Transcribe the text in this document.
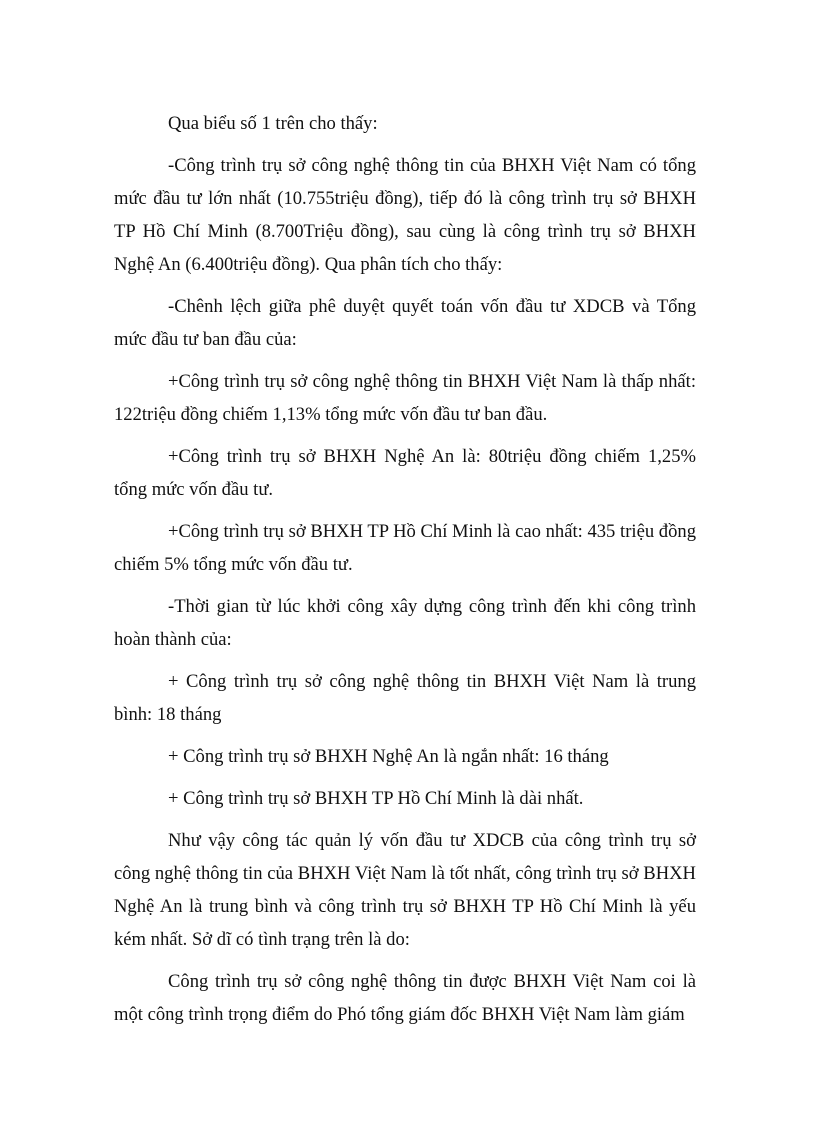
Qua biểu số 1 trên cho thấy:

-Công trình trụ sở công nghệ thông tin của BHXH Việt Nam có tổng mức đầu tư lớn nhất (10.755triệu đồng), tiếp đó là công trình trụ sở BHXH TP Hồ Chí Minh (8.700Triệu đồng), sau cùng là công trình trụ sở BHXH Nghệ An (6.400triệu đồng). Qua phân tích cho thấy:

-Chênh lệch giữa phê duyệt quyết toán vốn đầu tư XDCB và Tổng mức đầu tư ban đầu của:

+Công trình trụ sở công nghệ thông tin BHXH Việt Nam là thấp nhất: 122triệu đồng chiếm 1,13% tổng mức vốn đầu tư ban đầu.

+Công trình trụ sở BHXH Nghệ An là: 80triệu đồng chiếm 1,25% tổng mức vốn đầu tư.

+Công trình trụ sở BHXH TP Hồ Chí Minh là cao nhất: 435 triệu đồng chiếm 5% tổng mức vốn đầu tư.

-Thời gian từ lúc khởi công xây dựng công trình đến khi công trình hoàn thành của:

+ Công trình trụ sở công nghệ thông tin BHXH Việt Nam là trung bình: 18 tháng

+ Công trình trụ sở BHXH Nghệ An là ngắn nhất: 16 tháng

+ Công trình trụ sở BHXH TP Hồ Chí Minh là dài nhất.

Như vậy công tác quản lý vốn đầu tư XDCB của công trình trụ sở công nghệ thông tin của BHXH Việt Nam là tốt nhất, công trình trụ sở BHXH Nghệ An là trung bình và công trình trụ sở BHXH TP Hồ Chí Minh là yếu kém nhất. Sở dĩ có tình trạng trên là do:

Công trình trụ sở công nghệ thông tin được BHXH Việt Nam coi là một công trình trọng điểm do Phó tổng giám đốc BHXH Việt Nam làm giám
